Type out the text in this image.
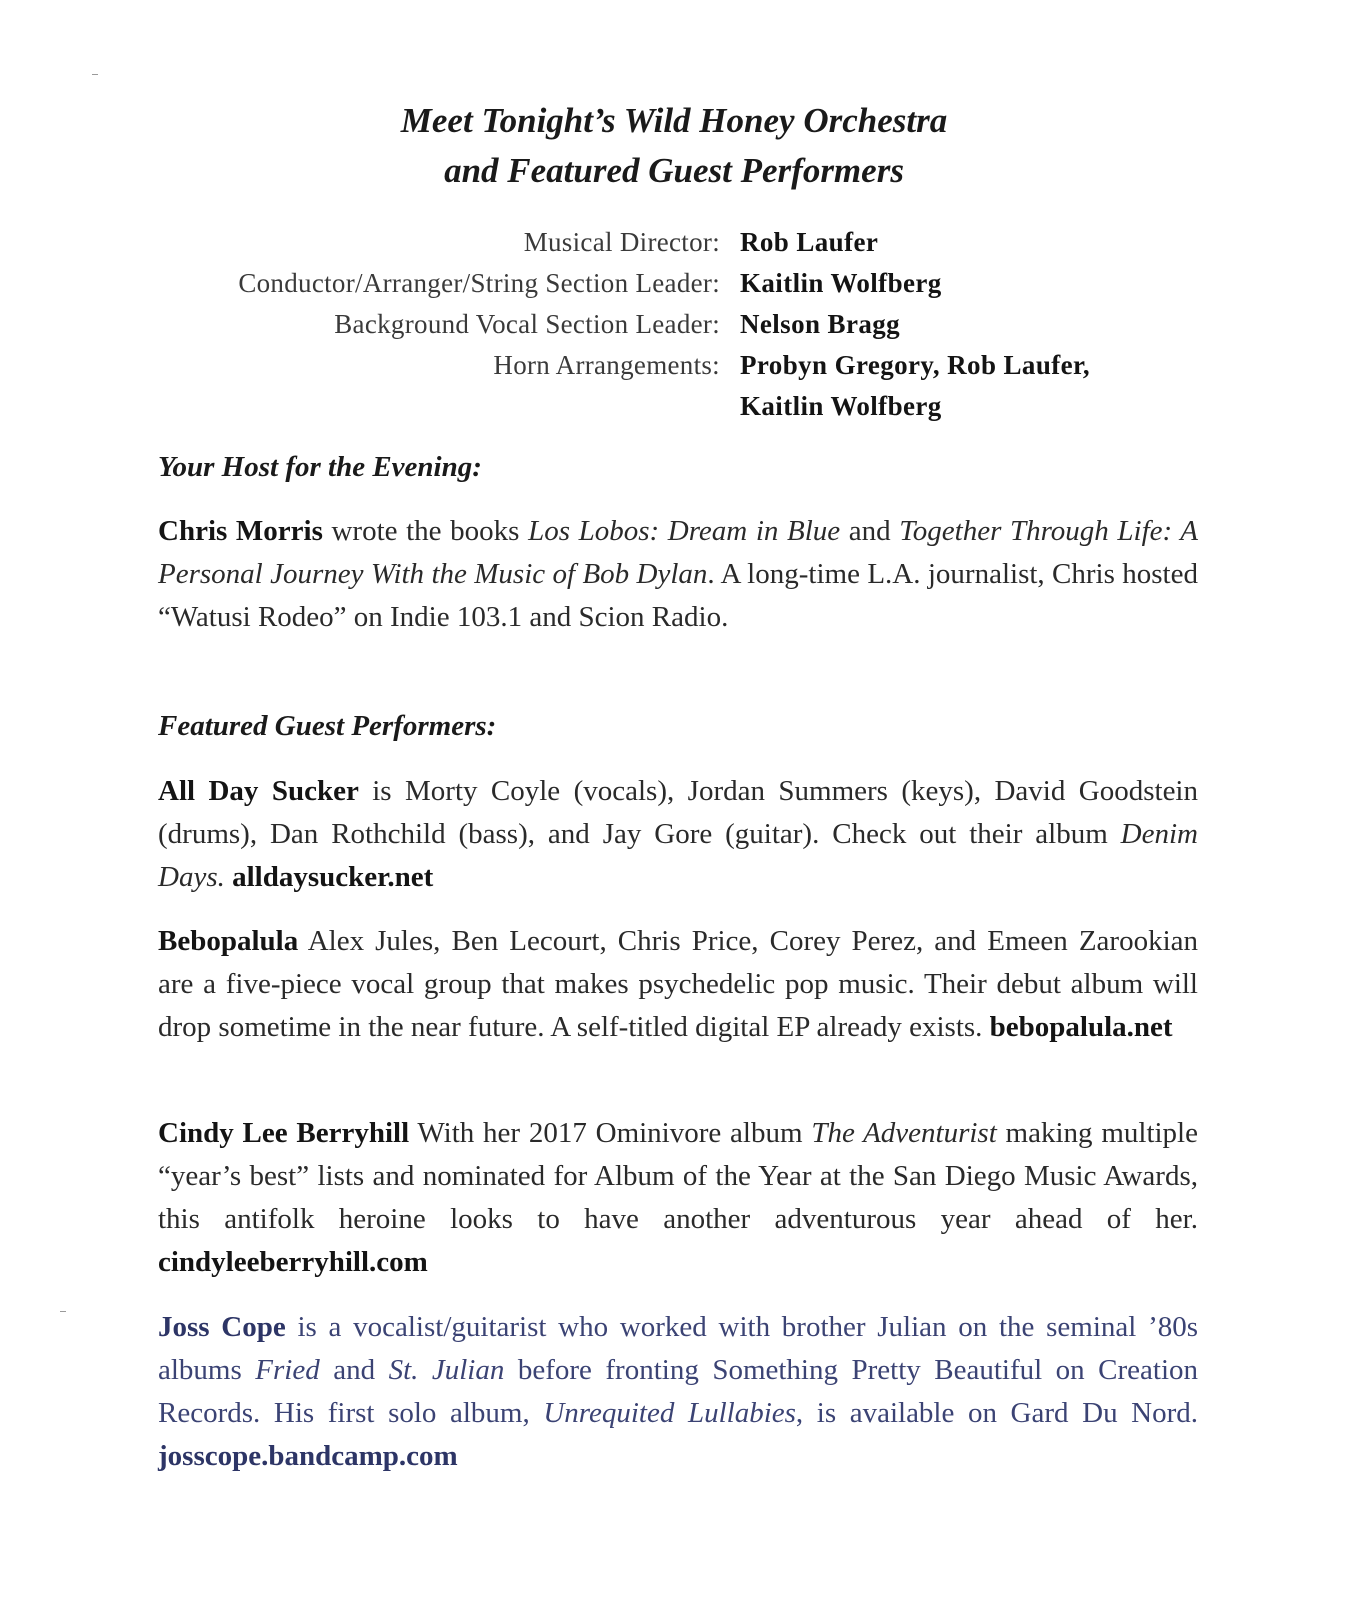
Meet Tonight’s Wild Honey Orchestra
and Featured Guest Performers
Musical Director: Rob Laufer
Conductor/Arranger/String Section Leader: Kaitlin Wolfberg
Background Vocal Section Leader: Nelson Bragg
Horn Arrangements: Probyn Gregory, Rob Laufer,
Kaitlin Wolfberg
Your Host for the Evening:

Chris Morris wrote the books Los Lobos: Dream in Blue and Together Through Life: A Personal Journey With the Music of Bob Dylan. A long-time L.A. journalist, Chris hosted “Watusi Rodeo” on Indie 103.1 and Scion Radio.

Featured Guest Performers:

All Day Sucker is Morty Coyle (vocals), Jordan Summers (keys), David Goodstein (drums), Dan Rothchild (bass), and Jay Gore (guitar). Check out their album Denim Days. alldaysucker.net

Bebopalula Alex Jules, Ben Lecourt, Chris Price, Corey Perez, and Emeen Zarookian are a five-piece vocal group that makes psychedelic pop music. Their debut album will drop sometime in the near future. A self-titled digital EP already exists. bebopalula.net

Cindy Lee Berryhill With her 2017 Ominivore album The Adventurist making multiple “year’s best” lists and nominated for Album of the Year at the San Diego Music Awards, this antifolk heroine looks to have another adventurous year ahead of her. cindyleeberryhill.com

Joss Cope is a vocalist/guitarist who worked with brother Julian on the seminal ’80s albums Fried and St. Julian before fronting Something Pretty Beautiful on Creation Records. His first solo album, Unrequited Lullabies, is available on Gard Du Nord. josscope.bandcamp.com
